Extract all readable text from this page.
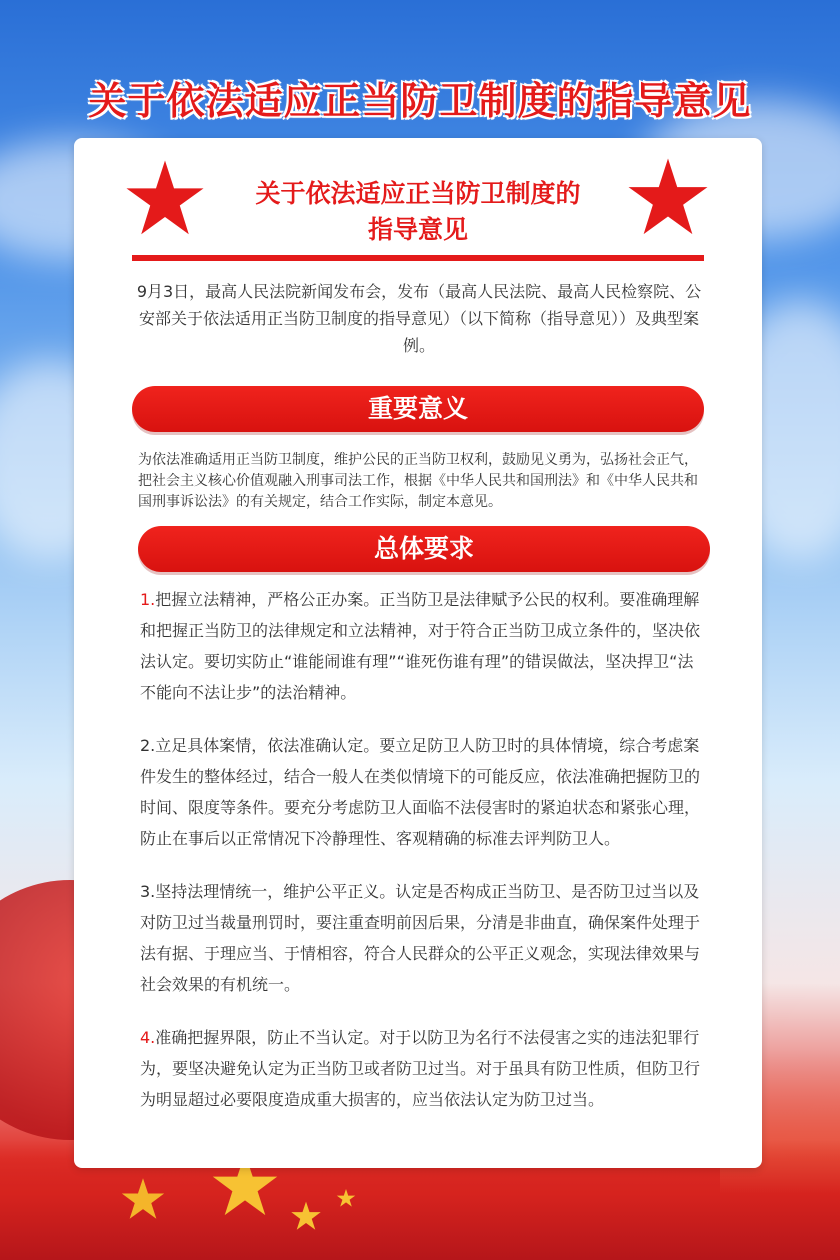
关于依法适应正当防卫制度的指导意见
关于依法适应正当防卫制度的
指导意见
9月3日，最高人民法院新闻发布会，发布（最高人民法院、最高人民检察院、公安部关于依法适用正当防卫制度的指导意见）（以下简称（指导意见））及典型案例。
重要意义
为依法准确适用正当防卫制度，维护公民的正当防卫权利，鼓励见义勇为，弘扬社会正气，把社会主义核心价值观融入刑事司法工作，根据《中华人民共和国刑法》和《中华人民共和国刑事诉讼法》的有关规定，结合工作实际，制定本意见。
总体要求
1.把握立法精神，严格公正办案。正当防卫是法律赋予公民的权利。要准确理解和把握正当防卫的法律规定和立法精神，对于符合正当防卫成立条件的，坚决依法认定。要切实防止“谁能闹谁有理”“谁死伤谁有理”的错误做法，坚决捍卫“法不能向不法让步”的法治精神。
2.立足具体案情，依法准确认定。要立足防卫人防卫时的具体情境，综合考虑案件发生的整体经过，结合一般人在类似情境下的可能反应，依法准确把握防卫的时间、限度等条件。要充分考虑防卫人面临不法侵害时的紧迫状态和紧张心理，防止在事后以正常情况下冷静理性、客观精确的标准去评判防卫人。
3.坚持法理情统一，维护公平正义。认定是否构成正当防卫、是否防卫过当以及对防卫过当裁量刑罚时，要注重查明前因后果，分清是非曲直，确保案件处理于法有据、于理应当、于情相容，符合人民群众的公平正义观念，实现法律效果与社会效果的有机统一。
4.准确把握界限，防止不当认定。对于以防卫为名行不法侵害之实的违法犯罪行为，要坚决避免认定为正当防卫或者防卫过当。对于虽具有防卫性质，但防卫行为明显超过必要限度造成重大损害的，应当依法认定为防卫过当。
